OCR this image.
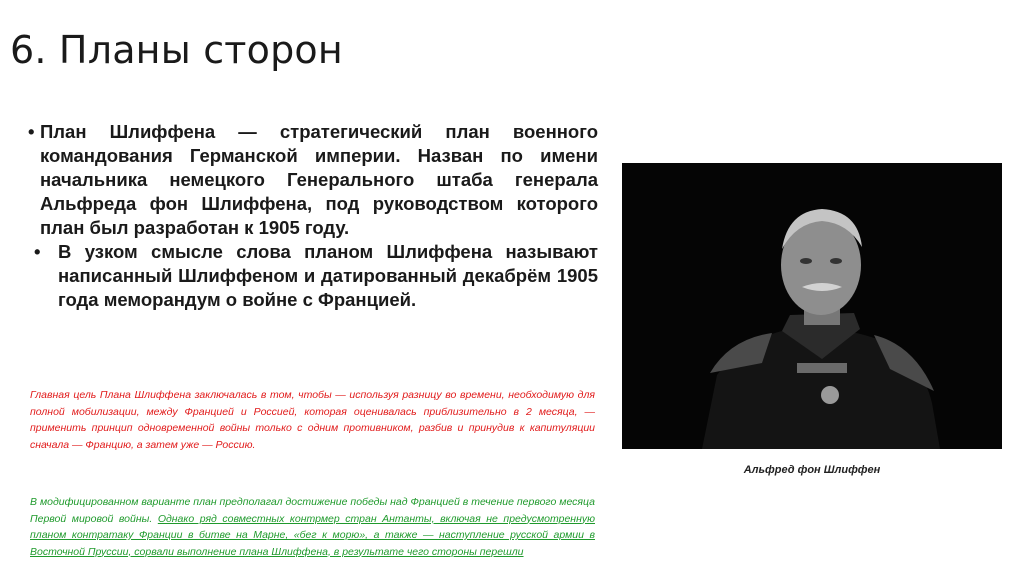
6. Планы сторон
• План Шлиффена — стратегический план военного командования Германской империи. Назван по имени начальника немецкого Генерального штаба генерала Альфреда фон Шлиффена, под руководством которого план был разработан к 1905 году.
• В узком смысле слова планом Шлиффена называют написанный Шлиффеном и датированный декабрём 1905 года меморандум о войне с Францией.
Главная цель Плана Шлиффена заключалась в том, чтобы — используя разницу во времени, необходимую для полной мобилизации, между Францией и Россией, которая оценивалась приблизительно в 2 месяца, — применить принцип одновременной войны только с одним противником, разбив и принудив к капитуляции сначала — Францию, а затем уже — Россию.
В модифицированном варианте план предполагал достижение победы над Францией в течение первого месяца Первой мировой войны. Однако ряд совместных контрмер стран Антанты, включая не предусмотренную планом контратаку Франции в битве на Марне, «бег к морю», а также — наступление русской армии в Восточной Пруссии, сорвали выполнение плана Шлиффена, в результате чего стороны перешли
Альфред фон Шлиффен
